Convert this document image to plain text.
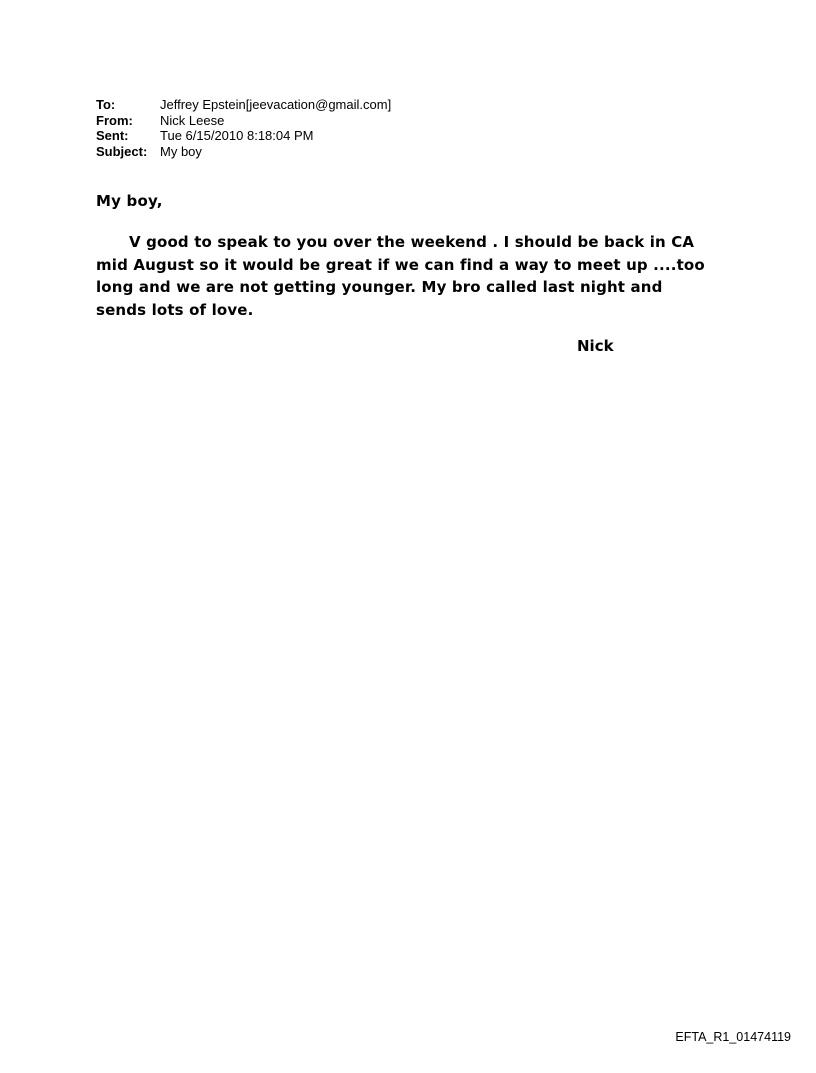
To:	Jeffrey Epstein[jeevacation@gmail.com]
From:	Nick Leese
Sent:	Tue 6/15/2010 8:18:04 PM
Subject: My boy
My boy,
V good to speak to you over the weekend . I should be back in CA
mid August so it would be great if we can find a way to meet up ....too
long and we are not getting younger. My bro called last night and
sends lots of love.
Nick
EFTA_R1_01474119
